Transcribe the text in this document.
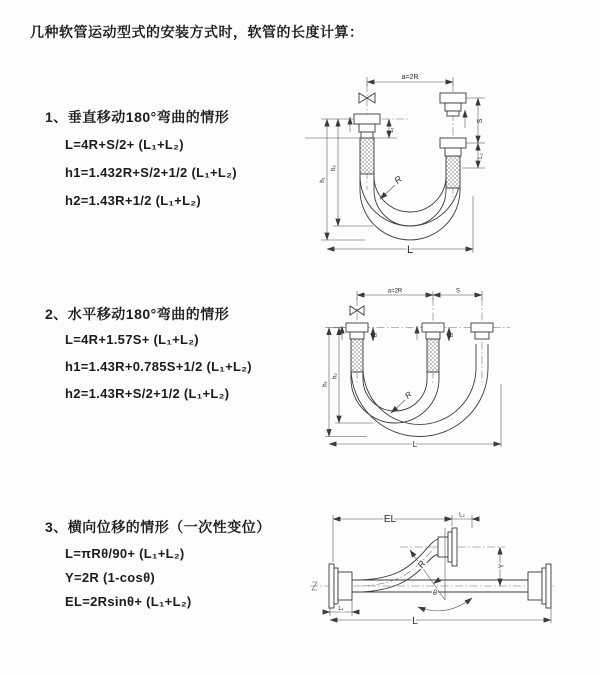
几种软管运动型式的安装方式时，软管的长度计算：
1、垂直移动180°弯曲的情形
L=4R+S/2+ (L₁+L₂)
h1=1.432R+S/2+1/2 (L₁+L₂)
h2=1.43R+1/2 (L₁+L₂)
2、水平移动180°弯曲的情形
L=4R+1.57S+ (L₁+L₂)
h1=1.43R+0.785S+1/2 (L₁+L₂)
h2=1.43R+S/2+1/2 (L₁+L₂)
3、横向位移的情形（一次性变位）
L=πRθ/90+ (L₁+L₂)
Y=2R (1-cosθ)
EL=2Rsinθ+ (L₁+L₂)
a=2R
L₁
S
L₂
h₁
h₂
R
L
a=2R	S
L₁	L₂
h₁
h₂
R
L
θ
R
EL	L₂
Y
L₁
L
